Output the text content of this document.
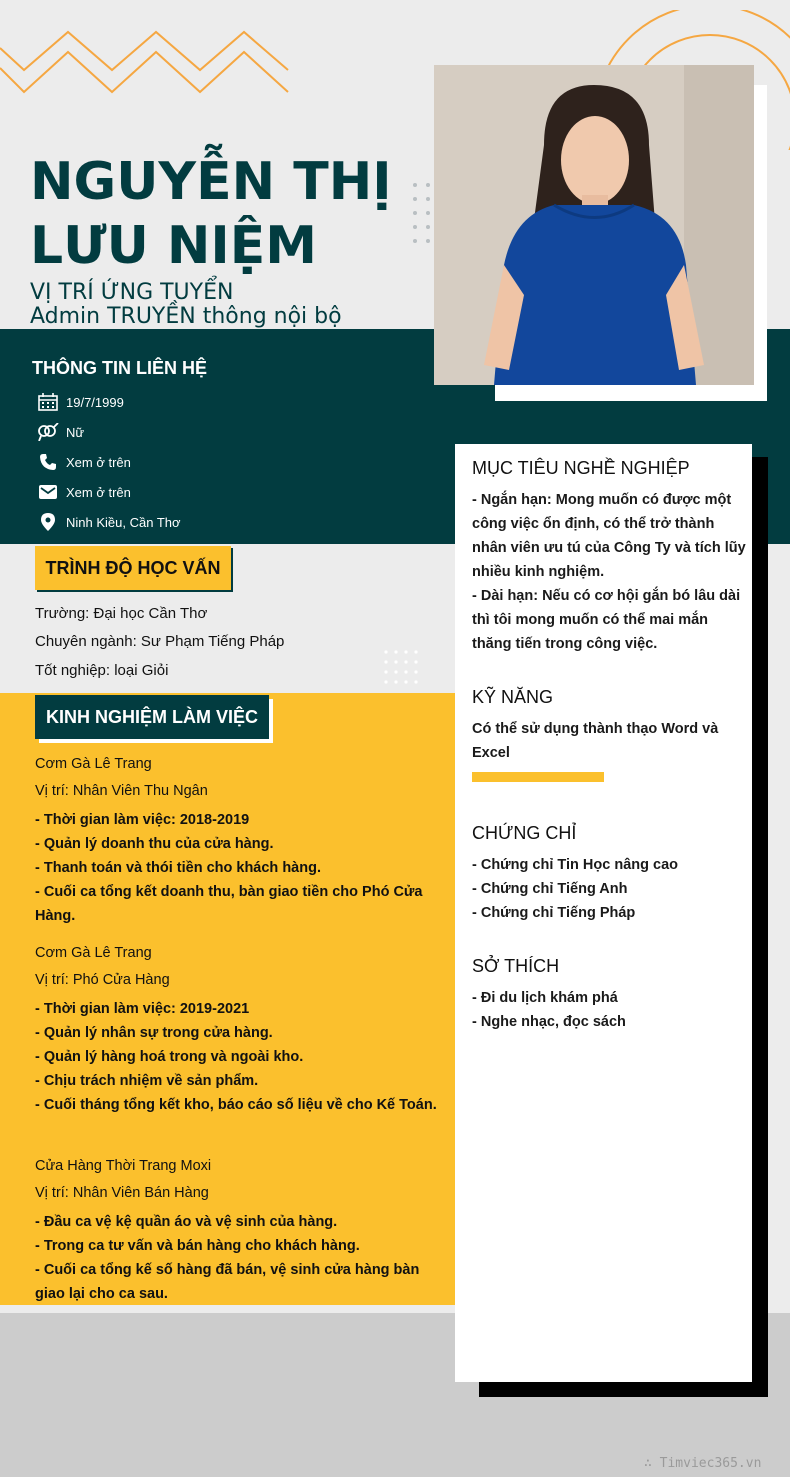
NGUYỄN THỊ
LƯU NIỆM
VỊ TRÍ ỨNG TUYỂN
Admin TRUYỀN thông nội bộ
THÔNG TIN LIÊN HỆ
19/7/1999
Nữ
Xem ở trên
Xem ở trên
Ninh Kiều, Cần Thơ
MỤC TIÊU NGHỀ NGHIỆP
- Ngắn hạn: Mong muốn có được một công việc ổn định, có thể trở thành nhân viên ưu tú của Công Ty và tích lũy nhiều kinh nghiệm.
- Dài hạn: Nếu có cơ hội gắn bó lâu dài thì tôi mong muốn có thể mai mắn thăng tiến trong công việc.
KỸ NĂNG
Có thể sử dụng thành thạo Word và Excel
CHỨNG CHỈ
- Chứng chỉ Tin Học nâng cao
- Chứng chỉ Tiếng Anh
- Chứng chỉ Tiếng Pháp
SỞ THÍCH
- Đi du lịch khám phá
- Nghe nhạc, đọc sách
TRÌNH ĐỘ HỌC VẤN
Trường: Đại học Cần Thơ
Chuyên ngành: Sư Phạm Tiếng Pháp
Tốt nghiệp: loại Giỏi
KINH NGHIỆM LÀM VIỆC
Cơm Gà Lê Trang
Vị trí: Nhân Viên Thu Ngân
- Thời gian làm việc: 2018-2019
- Quản lý doanh thu của cửa hàng.
- Thanh toán và thói tiền cho khách hàng.
- Cuối ca tổng kết doanh thu, bàn giao tiền cho Phó Cửa Hàng.
Cơm Gà Lê Trang
Vị trí: Phó Cửa Hàng
- Thời gian làm việc: 2019-2021
- Quản lý nhân sự trong cửa hàng.
- Quản lý hàng hoá trong và ngoài kho.
- Chịu trách nhiệm về sản phẩm.
- Cuối tháng tổng kết kho, báo cáo số liệu về cho Kế Toán.
Cửa Hàng Thời Trang Moxi
Vị trí: Nhân Viên Bán Hàng
- Đầu ca vệ kệ quần áo và vệ sinh của hàng.
- Trong ca tư vấn và bán hàng cho khách hàng.
- Cuối ca tổng kế số hàng đã bán, vệ sinh cửa hàng bàn giao lại cho ca sau.
∴ Timviec365.vn
